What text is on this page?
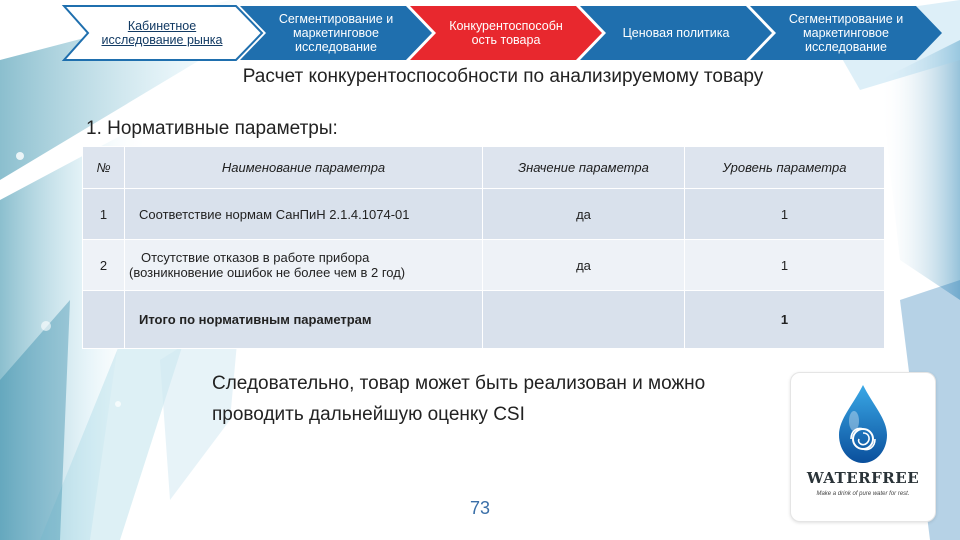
Кабинетное исследование рынка
Сегментирование и маркетинговое исследование
Конкурентоспособн ость товара	Ценовая политика
Сегментирование и маркетинговое исследование
Расчет конкурентоспособности по анализируемому товару
1. Нормативные параметры:
№	Наименование параметра	Значение параметра	Уровень параметра
1	Соответствие нормам СанПиН 2.1.4.1074-01	да	1
2	Отсутствие отказов в работе прибора
(возникновение ошибок не более чем в 2 год)	да	1
	Итого по нормативным параметрам		1
Следовательно, товар может быть реализован и можно проводить дальнейшую оценку CSI
73
WATERFREE
Make a drink of pure water for rest.
